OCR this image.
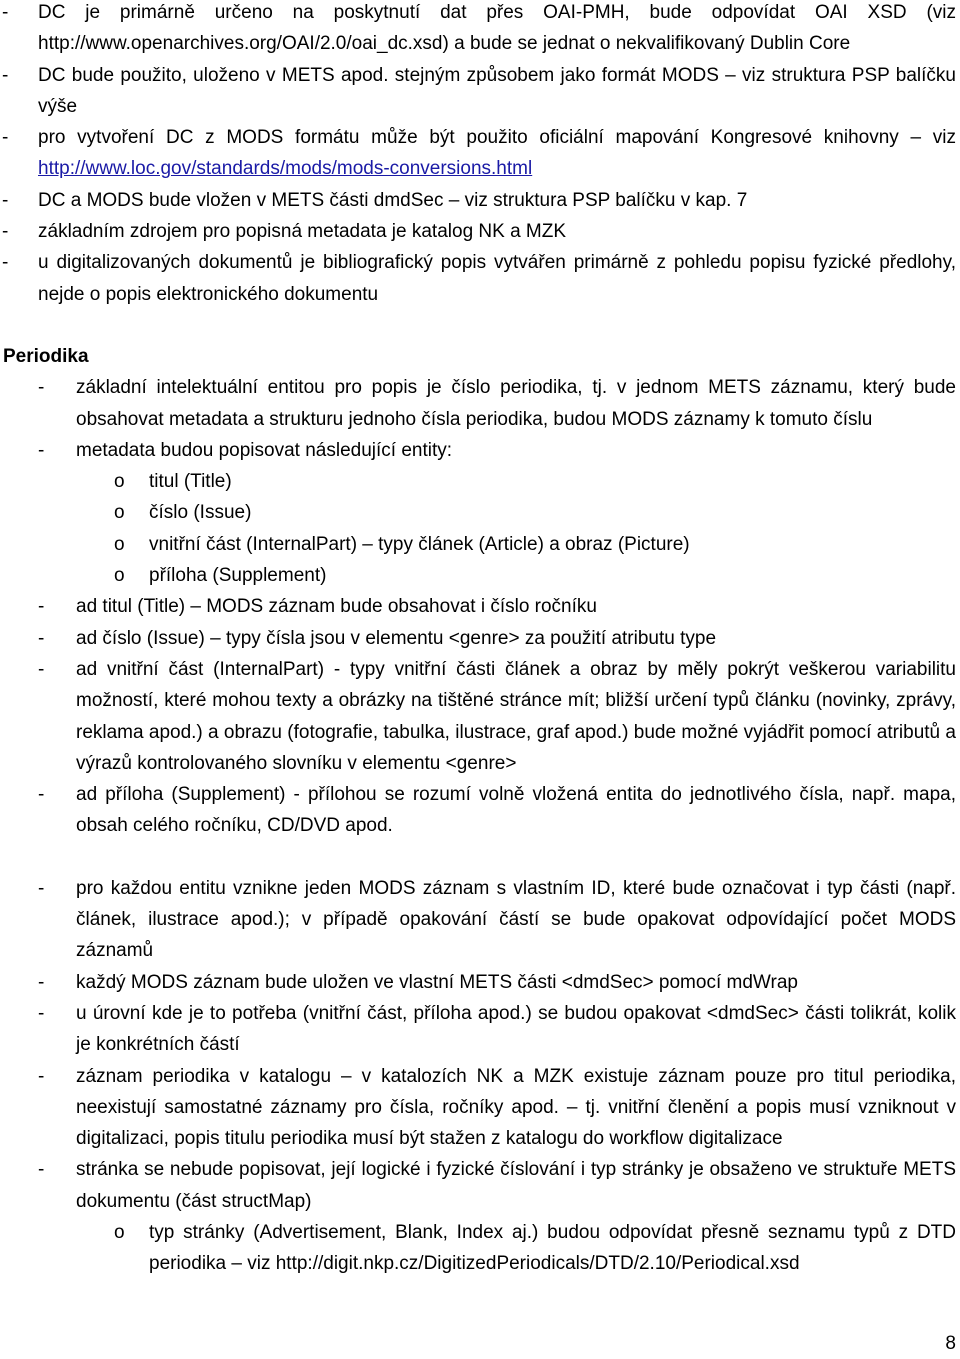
- DC je primárně určeno na poskytnutí dat přes OAI-PMH, bude odpovídat OAI XSD (viz http://www.openarchives.org/OAI/2.0/oai_dc.xsd) a bude se jednat o nekvalifikovaný Dublin Core
- DC bude použito, uloženo v METS apod. stejným způsobem jako formát MODS – viz struktura PSP balíčku výše
- pro vytvoření DC z MODS formátu může být použito oficiální mapování Kongresové knihovny – viz http://www.loc.gov/standards/mods/mods-conversions.html
- DC a MODS bude vložen v METS části dmdSec – viz struktura PSP balíčku v kap. 7
- základním zdrojem pro popisná metadata je katalog NK a MZK
- u digitalizovaných dokumentů je bibliografický popis vytvářen primárně z pohledu popisu fyzické předlohy, nejde o popis elektronického dokumentu
Periodika
- základní intelektuální entitou pro popis je číslo periodika, tj. v jednom METS záznamu, který bude obsahovat metadata a strukturu jednoho čísla periodika, budou MODS záznamy k tomuto číslu
- metadata budou popisovat následující entity:
o titul (Title)
o číslo (Issue)
o vnitřní část (InternalPart) – typy článek (Article) a obraz (Picture)
o příloha (Supplement)
- ad titul (Title) – MODS záznam bude obsahovat i číslo ročníku
- ad číslo (Issue) – typy čísla jsou v elementu <genre> za použití atributu type
- ad vnitřní část (InternalPart) - typy vnitřní části článek a obraz by měly pokrýt veškerou variabilitu možností, které mohou texty a obrázky na tištěné stránce mít; bližší určení typů článku (novinky, zprávy, reklama apod.) a obrazu (fotografie, tabulka, ilustrace, graf apod.) bude možné vyjádřit pomocí atributů a výrazů kontrolovaného slovníku v elementu <genre>
- ad příloha (Supplement) - přílohou se rozumí volně vložená entita do jednotlivého čísla, např. mapa, obsah celého ročníku, CD/DVD apod.
- pro každou entitu vznikne jeden MODS záznam s vlastním ID, které bude označovat i typ části (např. článek, ilustrace apod.); v případě opakování částí se bude opakovat odpovídající počet MODS záznamů
- každý MODS záznam bude uložen ve vlastní METS části <dmdSec> pomocí mdWrap
- u úrovní kde je to potřeba (vnitřní část, příloha apod.) se budou opakovat <dmdSec> části tolikrát, kolik je konkrétních částí
- záznam periodika v katalogu – v katalozích NK a MZK existuje záznam pouze pro titul periodika, neexistují samostatné záznamy pro čísla, ročníky apod. – tj. vnitřní členění a popis musí vzniknout v digitalizaci, popis titulu periodika musí být stažen z katalogu do workflow digitalizace
- stránka se nebude popisovat, její logické i fyzické číslování i typ stránky je obsaženo ve struktuře METS dokumentu (část structMap)
o typ stránky (Advertisement, Blank, Index aj.) budou odpovídat přesně seznamu typů z DTD periodika – viz http://digit.nkp.cz/DigitizedPeriodicals/DTD/2.10/Periodical.xsd
8
